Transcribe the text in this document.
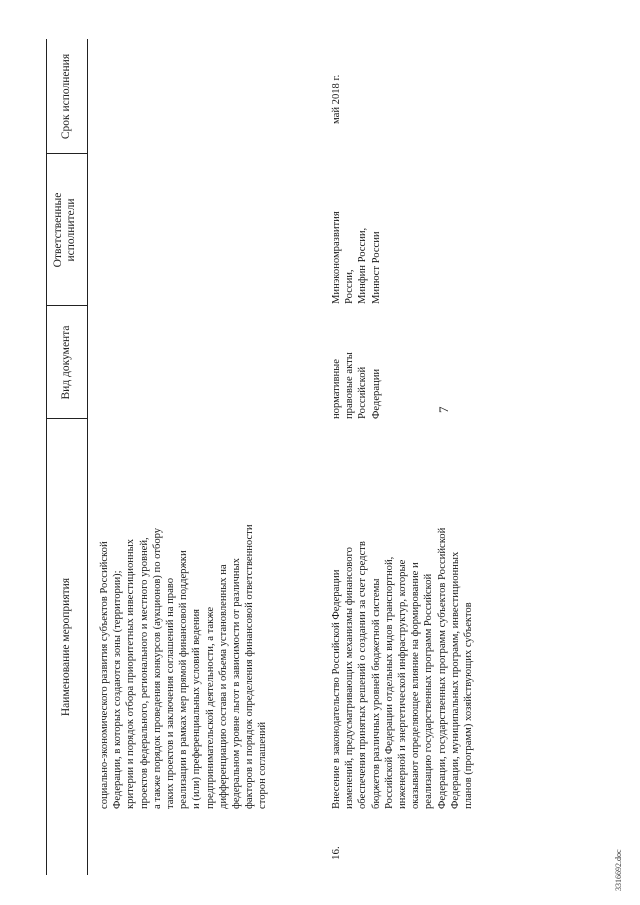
7
3316692.doc
Наименование мероприятия
Вид документа
Ответственные
исполнители
Срок исполнения
социально-экономического развития субъектов Российской
Федерации, в которых создаются зоны (территории);
критерии и порядок отбора приоритетных инвестиционных
проектов федерального, регионального и местного уровней,
а также порядок проведения конкурсов (аукционов) по отбору
таких проектов и заключения соглашений на право
реализации в рамках мер прямой финансовой поддержки
и (или) преференциальных условий ведения
предпринимательской деятельности, а также
дифференциацию состава и объема установленных на
федеральном уровне льгот в зависимости от различных
факторов и порядок определения финансовой ответственности
сторон соглашений
16.
Внесение в законодательство Российской Федерации
изменений, предусматривающих механизмы финансового
обеспечения принятых решений о создании за счет средств
бюджетов различных уровней бюджетной системы
Российской Федерации отдельных видов транспортной,
инженерной и энергетической инфраструктур, которые
оказывают определяющее влияние на формирование и
реализацию государственных программ Российской
Федерации, государственных программ субъектов Российской
Федерации, муниципальных программ, инвестиционных
планов (программ) хозяйствующих субъектов
нормативные
правовые акты
Российской
Федерации
Минэкономразвития
России,
Минфин России,
Минюст России
май 2018 г.
